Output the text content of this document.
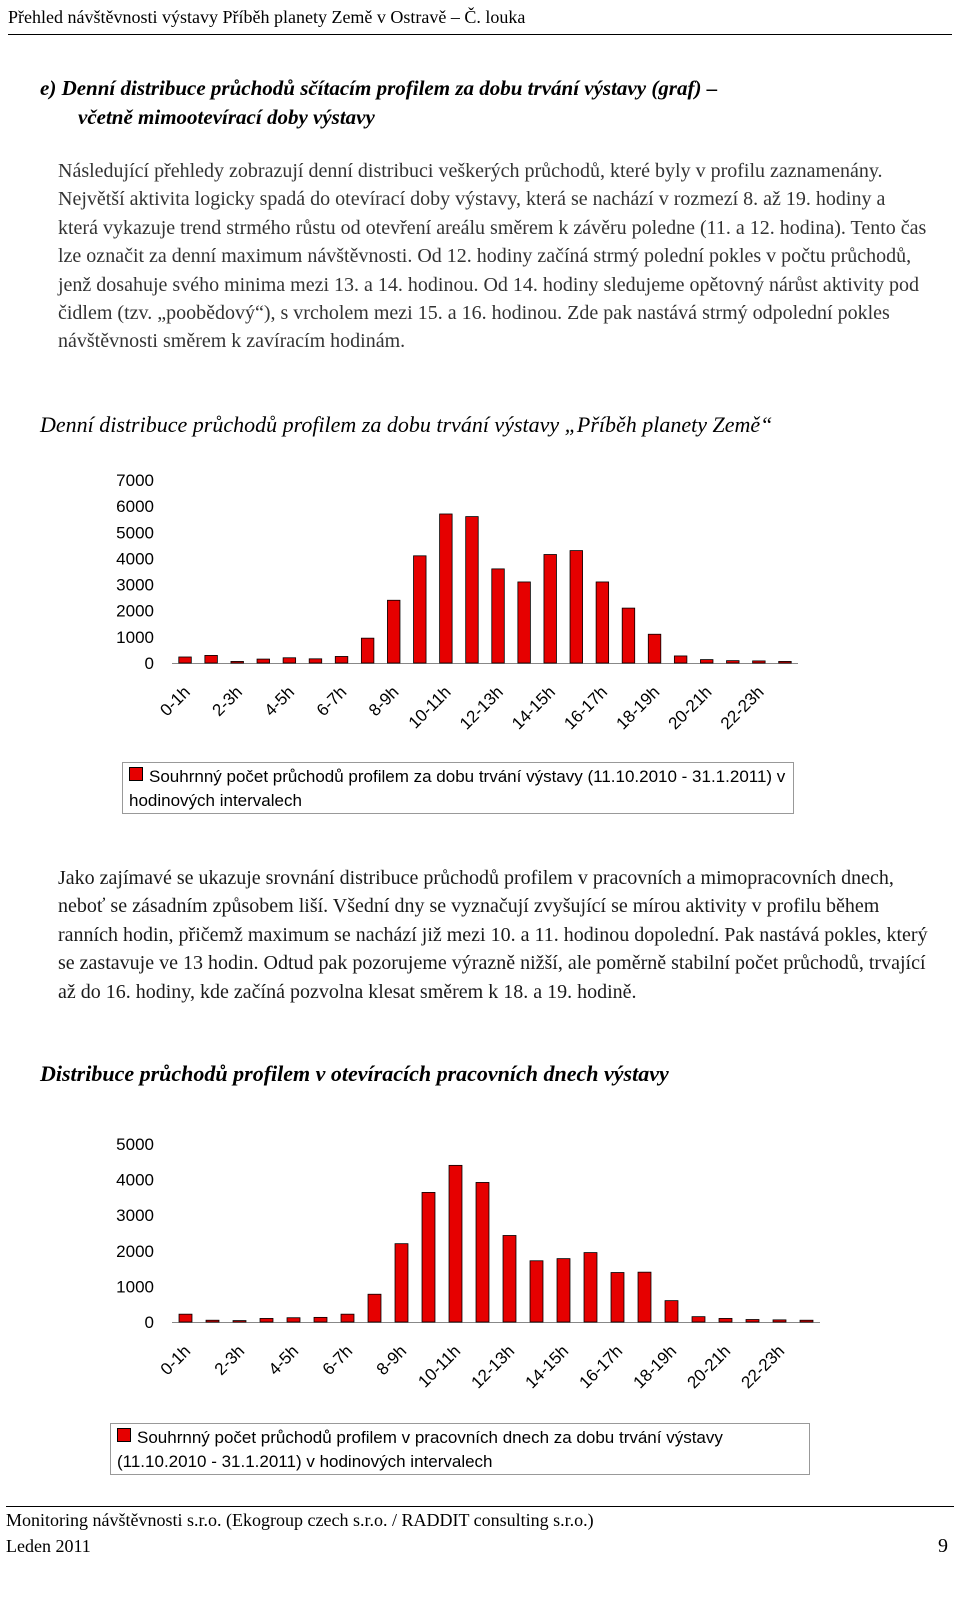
Přehled návštěvnosti výstavy Příběh planety Země v Ostravě – Č. louka
e) Denní distribuce průchodů sčítacím profilem za dobu trvání výstavy (graf) –
včetně mimootevírací doby výstavy
Následující přehledy zobrazují denní distribuci veškerých průchodů, které byly v profilu zaznamenány. Největší aktivita logicky spadá do otevírací doby výstavy, která se nachází v rozmezí 8. až 19. hodiny a která vykazuje trend strmého růstu od otevření areálu směrem k závěru poledne (11. a 12. hodina). Tento čas lze označit za denní maximum návštěvnosti. Od 12. hodiny začíná strmý polední pokles v počtu průchodů, jenž dosahuje svého minima mezi 13. a 14. hodinou. Od 14. hodiny sledujeme opětovný nárůst aktivity pod čidlem (tzv. „poobědový“), s vrcholem mezi 15. a 16. hodinou. Zde pak nastává strmý odpolední pokles návštěvnosti směrem k zavíracím hodinám.
Denní distribuce průchodů profilem za dobu trvání výstavy „Příběh planety Země“
0
1000
2000
3000
4000
5000
6000
7000
0-1h 2-3h 4-5h 6-7h 8-9h 10-11h 12-13h 14-15h 16-17h 18-19h 20-21h 22-23h
Souhrnný počet průchodů profilem za dobu trvání výstavy (11.10.2010 - 31.1.2011) v hodinových intervalech
Jako zajímavé se ukazuje srovnání distribuce průchodů profilem v pracovních a mimopracovních dnech, neboť se zásadním způsobem liší. Všední dny se vyznačují zvyšující se mírou aktivity v profilu během ranních hodin, přičemž maximum se nachází již mezi 10. a 11. hodinou dopolední. Pak nastává pokles, který se zastavuje ve 13 hodin. Odtud pak pozorujeme výrazně nižší, ale poměrně stabilní počet průchodů, trvající až do 16. hodiny, kde začíná pozvolna klesat směrem k 18. a 19. hodině.
Distribuce průchodů profilem v otevíracích pracovních dnech výstavy
0
1000
2000
3000
4000
5000
0-1h 2-3h 4-5h 6-7h 8-9h 10-11h 12-13h 14-15h 16-17h 18-19h 20-21h 22-23h
Souhrnný počet průchodů profilem v pracovních dnech za dobu trvání výstavy (11.10.2010 - 31.1.2011) v hodinových intervalech
Monitoring návštěvnosti s.r.o. (Ekogroup czech s.r.o. / RADDIT consulting s.r.o.)
Leden 2011	9
